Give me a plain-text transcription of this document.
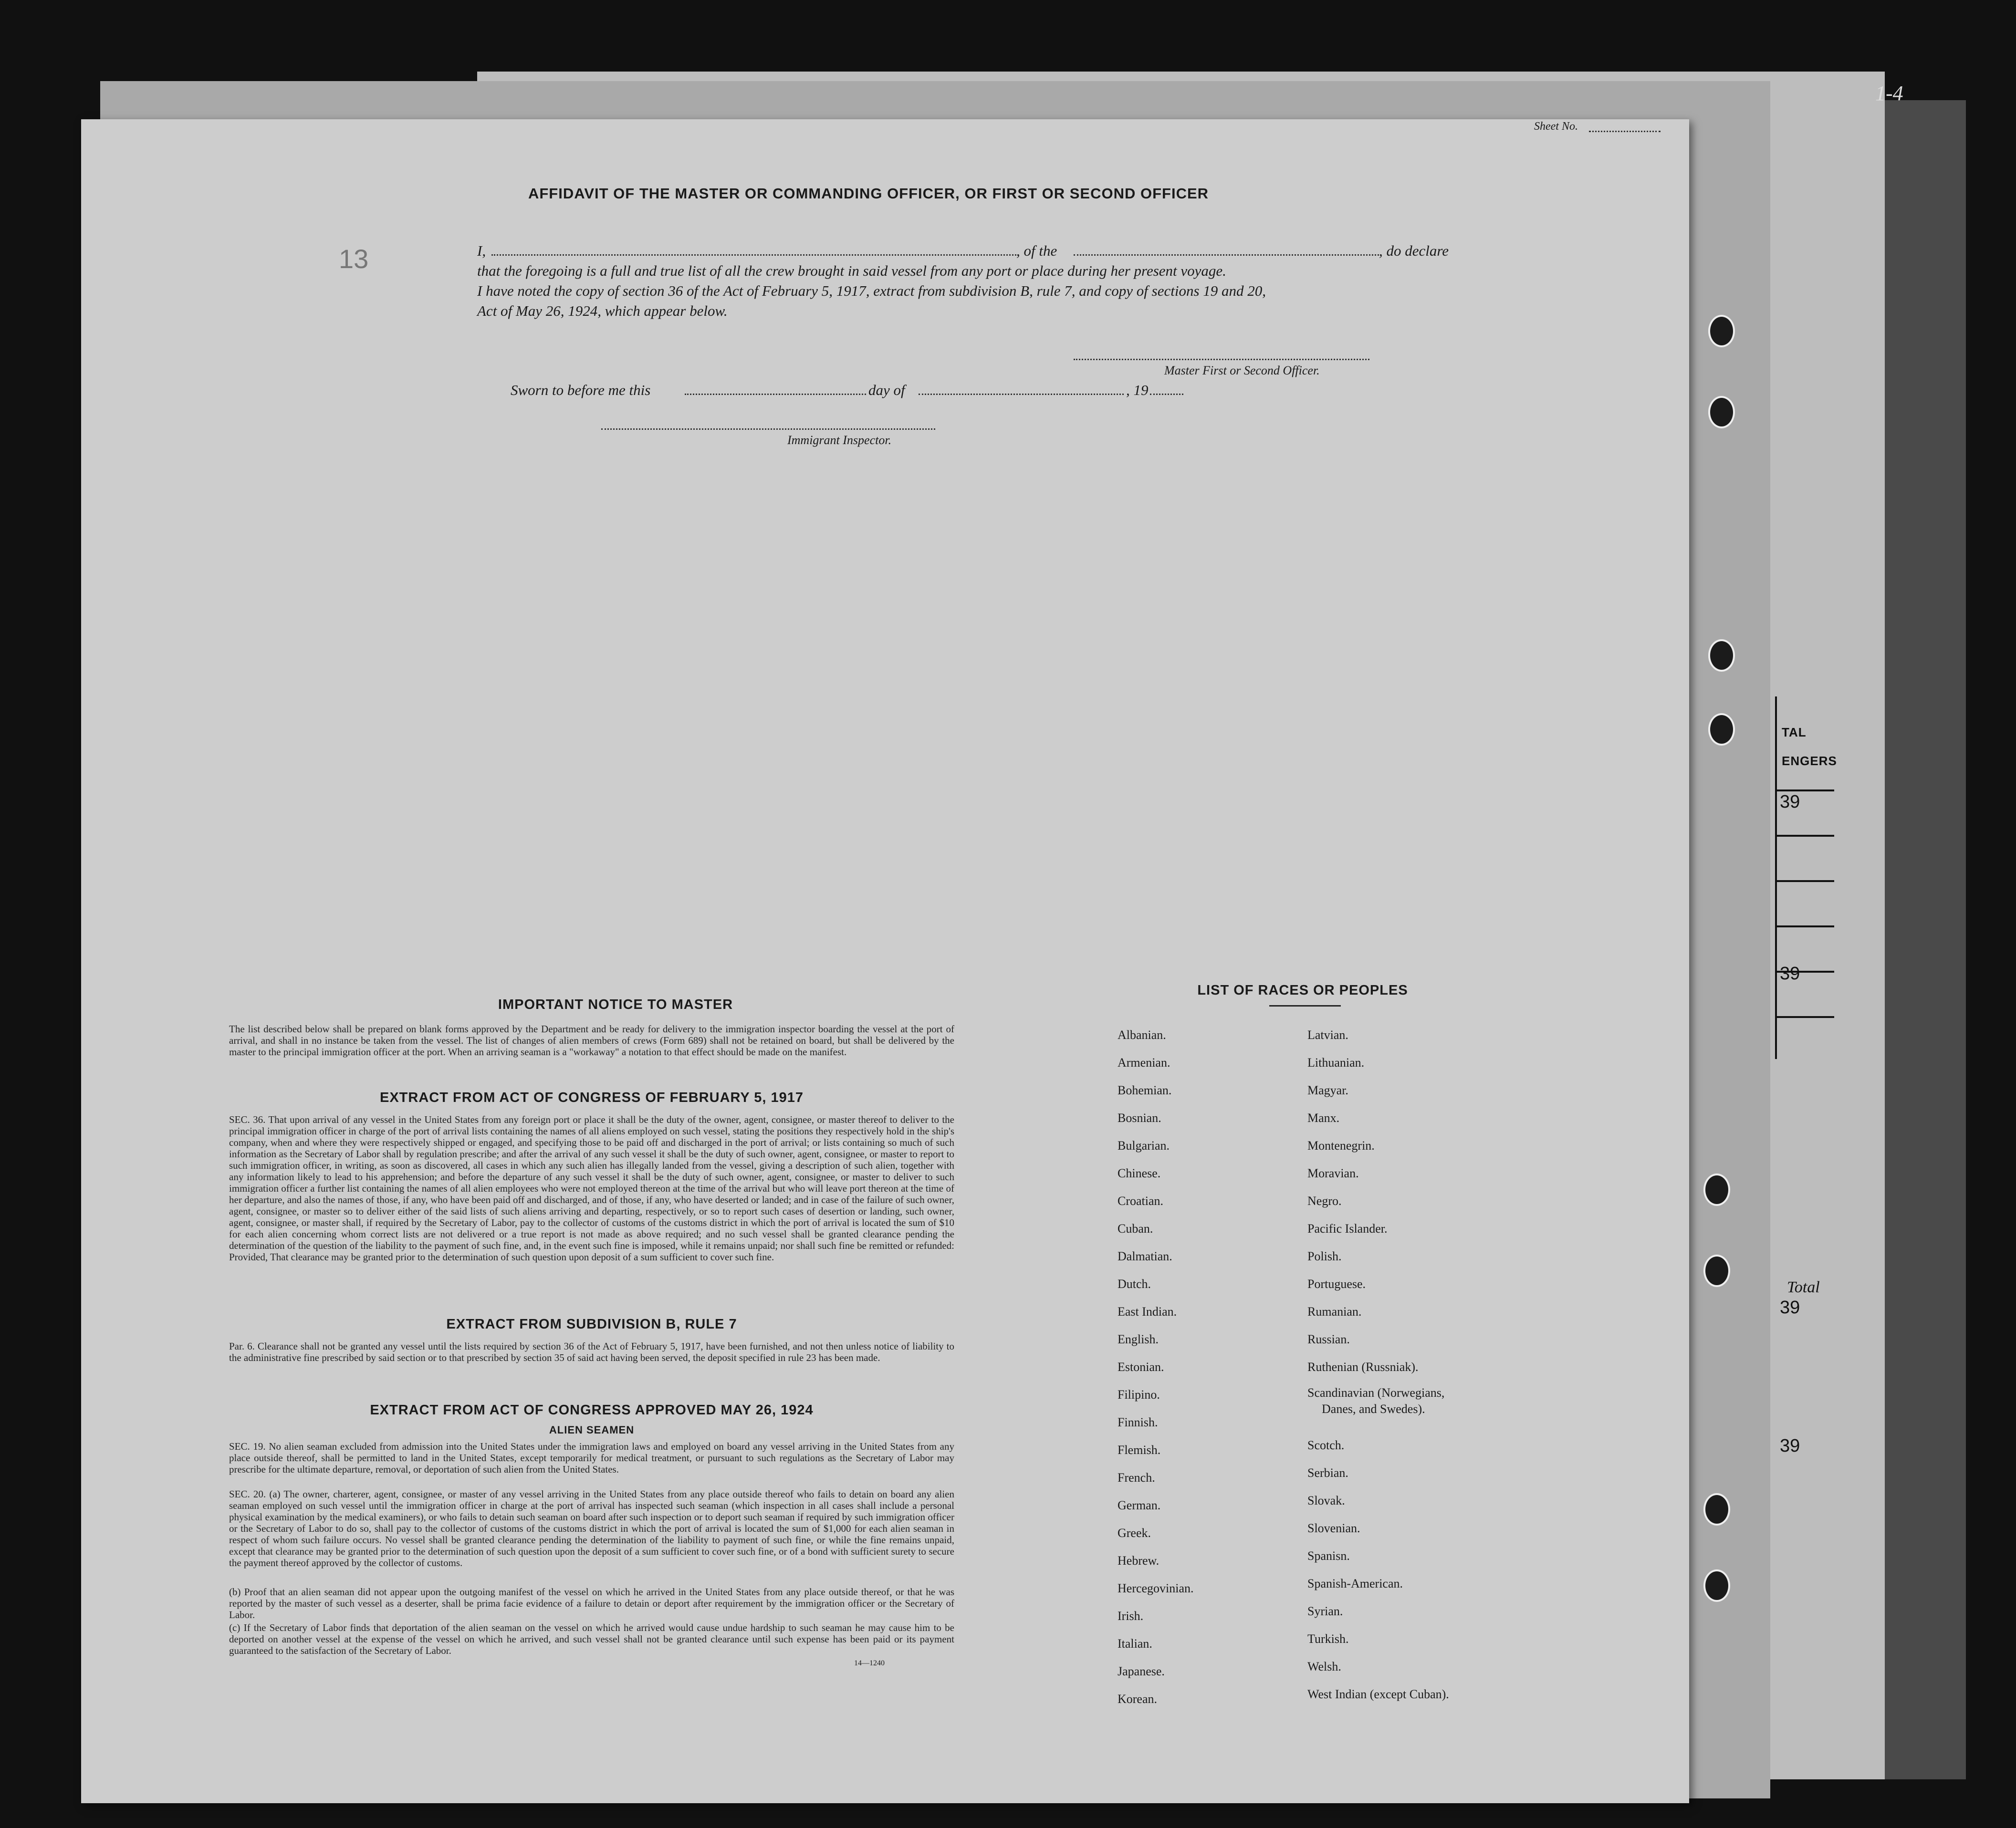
1-4
TAL
ENGERS
39
39
Total
39
39
Sheet No.
AFFIDAVIT OF THE MASTER OR COMMANDING OFFICER, OR FIRST OR SECOND OFFICER
13	I,	, of the	, do declare
that the foregoing is a full and true list of all the crew brought in said vessel from any port or place during her present voyage.
I have noted the copy of section 36 of the Act of February 5, 1917, extract from subdivision B, rule 7, and copy of sections 19 and 20,
Act of May 26, 1924, which appear below.
Master First or Second Officer.
Sworn to before me this	day of	, 19
Immigrant Inspector.
IMPORTANT NOTICE TO MASTER
The list described below shall be prepared on blank forms approved by the Department and be ready for delivery to the immigration inspector boarding the vessel at the port of arrival, and shall in no instance be taken from the vessel. The list of changes of alien members of crews (Form 689) shall not be retained on board, but shall be delivered by the master to the principal immigration officer at the port. When an arriving seaman is a "workaway" a notation to that effect should be made on the manifest.
EXTRACT FROM ACT OF CONGRESS OF FEBRUARY 5, 1917
SEC. 36. That upon arrival of any vessel in the United States from any foreign port or place it shall be the duty of the owner, agent, consignee, or master thereof to deliver to the principal immigration officer in charge of the port of arrival lists containing the names of all aliens employed on such vessel, stating the positions they respectively hold in the ship's company, when and where they were respectively shipped or engaged, and specifying those to be paid off and discharged in the port of arrival; or lists containing so much of such information as the Secretary of Labor shall by regulation prescribe; and after the arrival of any such vessel it shall be the duty of such owner, agent, consignee, or master to report to such immigration officer, in writing, as soon as discovered, all cases in which any such alien has illegally landed from the vessel, giving a description of such alien, together with any information likely to lead to his apprehension; and before the departure of any such vessel it shall be the duty of such owner, agent, consignee, or master to deliver to such immigration officer a further list containing the names of all alien employees who were not employed thereon at the time of the arrival but who will leave port thereon at the time of her departure, and also the names of those, if any, who have been paid off and discharged, and of those, if any, who have deserted or landed; and in case of the failure of such owner, agent, consignee, or master so to deliver either of the said lists of such aliens arriving and departing, respectively, or so to report such cases of desertion or landing, such owner, agent, consignee, or master shall, if required by the Secretary of Labor, pay to the collector of customs of the customs district in which the port of arrival is located the sum of $10 for each alien concerning whom correct lists are not delivered or a true report is not made as above required; and no such vessel shall be granted clearance pending the determination of the question of the liability to the payment of such fine, and, in the event such fine is imposed, while it remains unpaid; nor shall such fine be remitted or refunded: Provided, That clearance may be granted prior to the determination of such question upon deposit of a sum sufficient to cover such fine.
EXTRACT FROM SUBDIVISION B, RULE 7
Par. 6. Clearance shall not be granted any vessel until the lists required by section 36 of the Act of February 5, 1917, have been furnished, and not then unless notice of liability to the administrative fine prescribed by said section or to that prescribed by section 35 of said act having been served, the deposit specified in rule 23 has been made.
EXTRACT FROM ACT OF CONGRESS APPROVED MAY 26, 1924
ALIEN SEAMEN
SEC. 19. No alien seaman excluded from admission into the United States under the immigration laws and employed on board any vessel arriving in the United States from any place outside thereof, shall be permitted to land in the United States, except temporarily for medical treatment, or pursuant to such regulations as the Secretary of Labor may prescribe for the ultimate departure, removal, or deportation of such alien from the United States.
SEC. 20. (a) The owner, charterer, agent, consignee, or master of any vessel arriving in the United States from any place outside thereof who fails to detain on board any alien seaman employed on such vessel until the immigration officer in charge at the port of arrival has inspected such seaman (which inspection in all cases shall include a personal physical examination by the medical examiners), or who fails to detain such seaman on board after such inspection or to deport such seaman if required by such immigration officer or the Secretary of Labor to do so, shall pay to the collector of customs of the customs district in which the port of arrival is located the sum of $1,000 for each alien seaman in respect of whom such failure occurs. No vessel shall be granted clearance pending the determination of the liability to payment of such fine, or while the fine remains unpaid, except that clearance may be granted prior to the determination of such question upon the deposit of a sum sufficient to cover such fine, or of a bond with sufficient surety to secure the payment thereof approved by the collector of customs.
(b) Proof that an alien seaman did not appear upon the outgoing manifest of the vessel on which he arrived in the United States from any place outside thereof, or that he was reported by the master of such vessel as a deserter, shall be prima facie evidence of a failure to detain or deport after requirement by the immigration officer or the Secretary of Labor.
(c) If the Secretary of Labor finds that deportation of the alien seaman on the vessel on which he arrived would cause undue hardship to such seaman he may cause him to be deported on another vessel at the expense of the vessel on which he arrived, and such vessel shall not be granted clearance until such expense has been paid or its payment guaranteed to the satisfaction of the Secretary of Labor.
14—1240
LIST OF RACES OR PEOPLES
Albanian.
Armenian.
Bohemian.
Bosnian.
Bulgarian.
Chinese.
Croatian.
Cuban.
Dalmatian.
Dutch.
East Indian.
English.
Estonian.
Filipino.
Finnish.
Flemish.
French.
German.
Greek.
Hebrew.
Hercegovinian.
Irish.
Italian.
Japanese.
Korean.
Latvian.
Lithuanian.
Magyar.
Manx.
Montenegrin.
Moravian.
Negro.
Pacific Islander.
Polish.
Portuguese.
Rumanian.
Russian.
Ruthenian (Russniak).
Scandinavian (Norwegians,
Danes, and Swedes).
Scotch.
Serbian.
Slovak.
Slovenian.
Spanisn.
Spanish-American.
Syrian.
Turkish.
Welsh.
West Indian (except Cuban).
